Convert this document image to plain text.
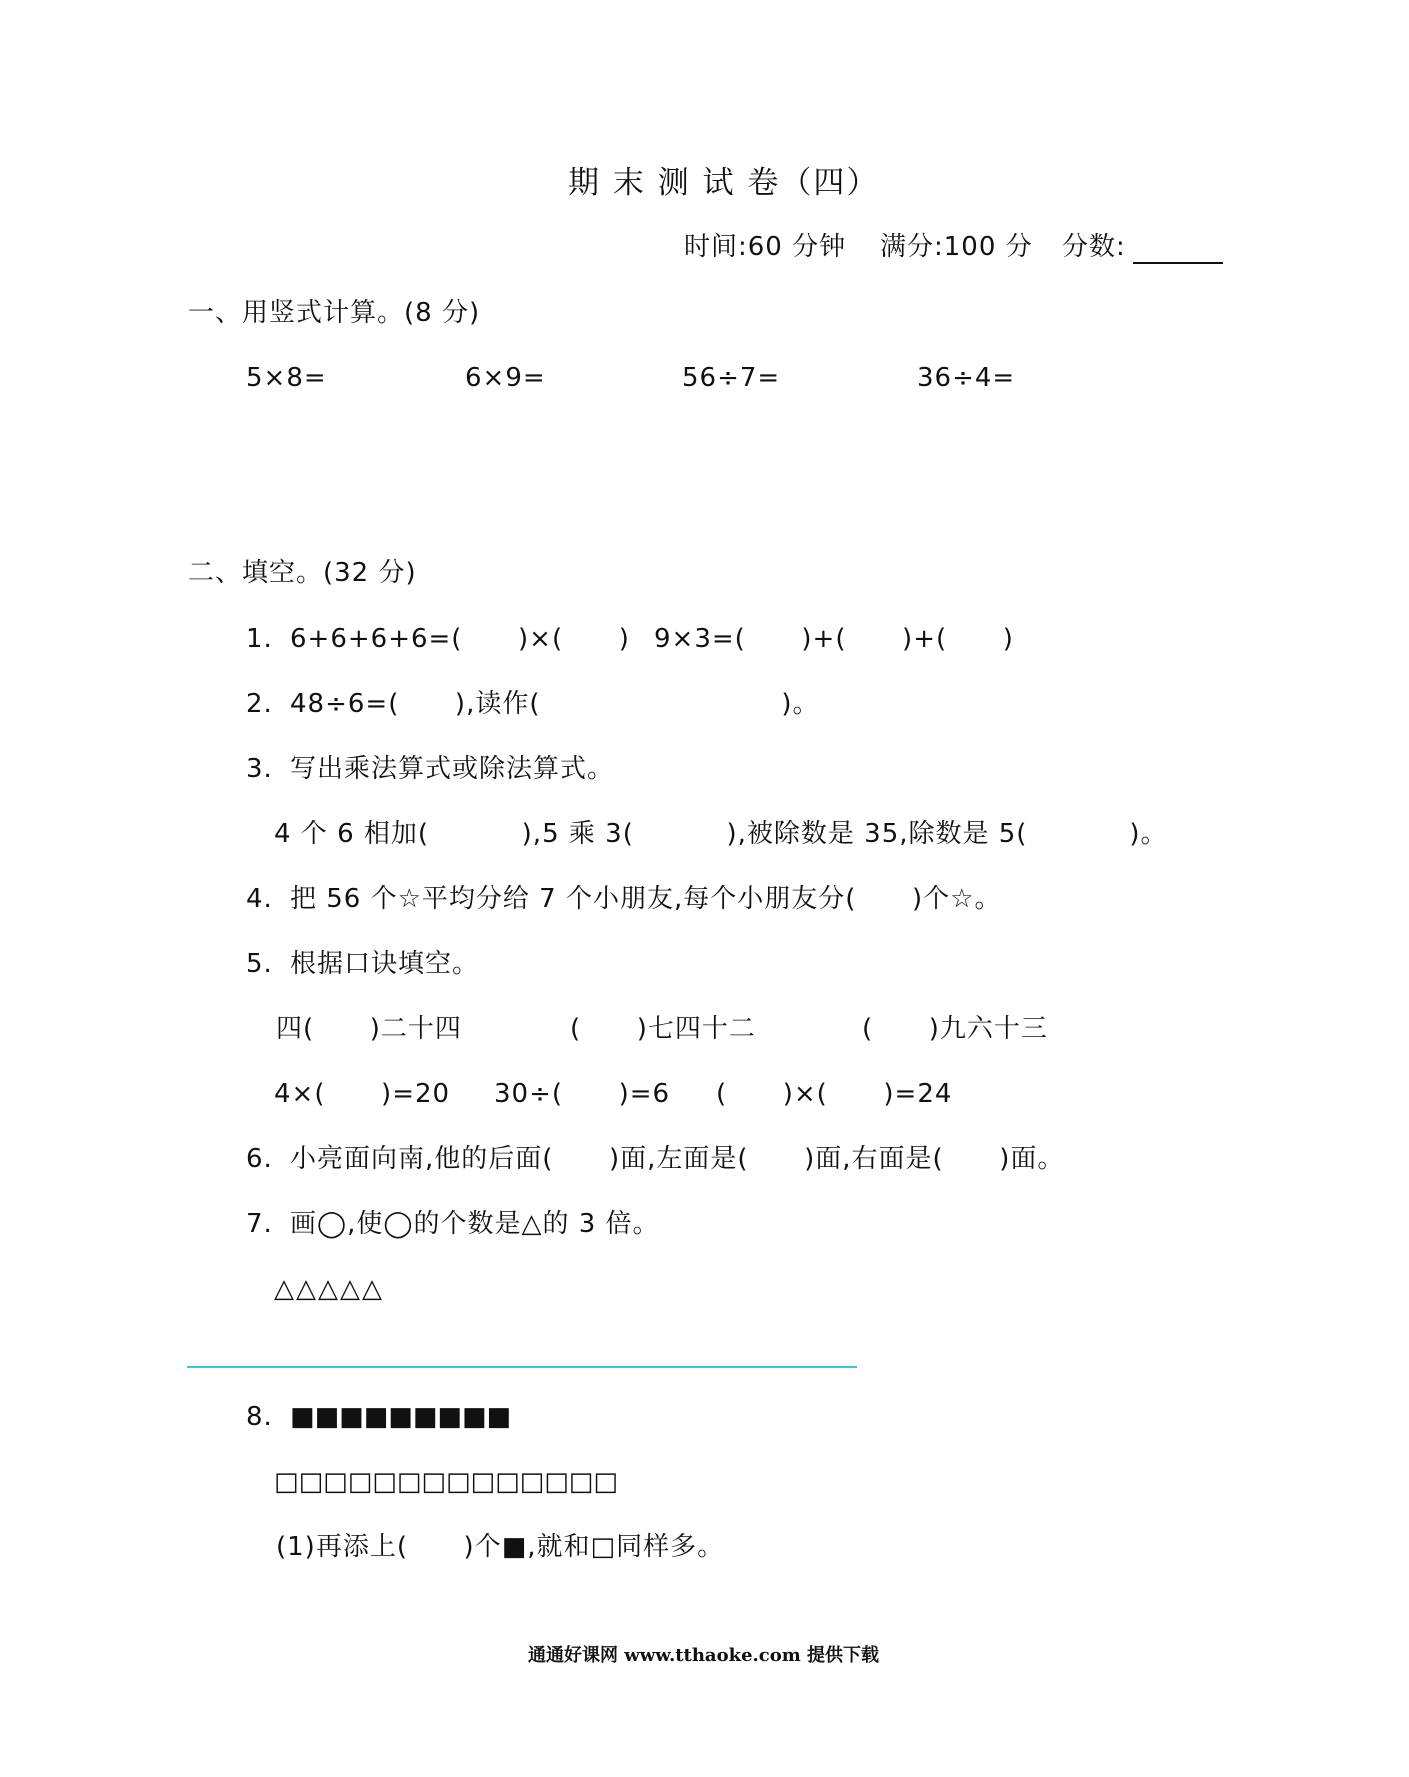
期 末 测 试 卷（四）
时间:60 分钟 满分:100 分 分数:
一、用竖式计算。(8 分)
5×8=	6×9=	56÷7=	36÷4=
二、填空。(32 分)
1. 6+6+6+6=(      )×(      ) 9×3=(      )+(      )+(      )
2. 48÷6=(      ),读作(                          )。
3. 写出乘法算式或除法算式。
4 个 6 相加(          ),5 乘 3(          ),被除数是 35,除数是 5(           )。
4. 把 56 个☆平均分给 7 个小朋友,每个小朋友分(      )个☆。
5. 根据口诀填空。
四(      )二十四	(      )七四十二	(      )九六十三
4×(      )=20 30÷(      )=6 (      )×(      )=24
6. 小亮面向南,他的后面(      )面,左面是(      )面,右面是(      )面。
7. 画◯,使◯的个数是△的 3 倍。
△△△△△
8. ■■■■■■■■■
□□□□□□□□□□□□□□
(1)再添上(      )个■,就和□同样多。
通通好课网 www.tthaoke.com 提供下载
